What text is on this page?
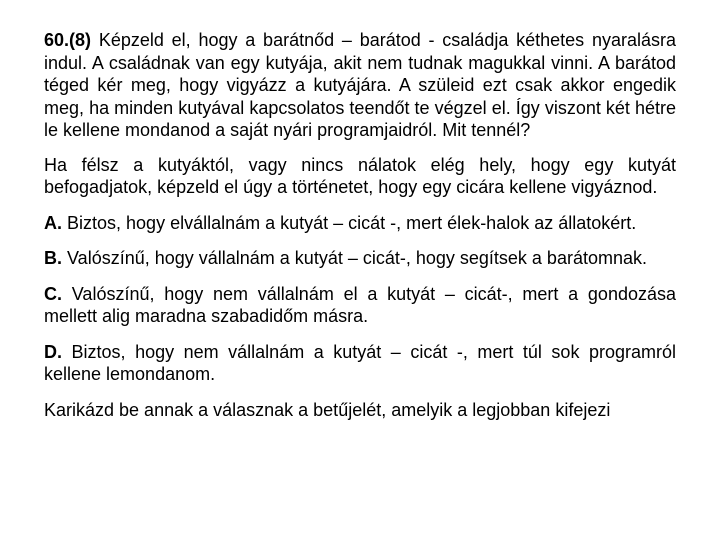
60.(8) Képzeld el, hogy a barátnőd – barátod - családja kéthetes nyaralásra indul. A családnak van egy kutyája, akit nem tudnak magukkal vinni. A barátod téged kér meg, hogy vigyázz a kutyájára. A szüleid ezt csak akkor engedik meg, ha minden kutyával kapcsolatos teendőt te végzel el. Így viszont két hétre le kellene mondanod a saját nyári programjaidról. Mit tennél?

Ha félsz a kutyáktól, vagy nincs nálatok elég hely, hogy egy kutyát befogadjatok, képzeld el úgy a történetet, hogy egy cicára kellene vigyáznod.

A. Biztos, hogy elvállalnám a kutyát – cicát -, mert élek-halok az állatokért.

B. Valószínű, hogy vállalnám a kutyát – cicát-, hogy segítsek a barátomnak.

C. Valószínű, hogy nem vállalnám el a kutyát – cicát-, mert a gondozása mellett alig maradna szabadidőm másra.

D. Biztos, hogy nem vállalnám a kutyát – cicát -, mert túl sok programról kellene lemondanom.

Karikázd be annak a válasznak a betűjelét, amelyik a legjobban kifejezi
